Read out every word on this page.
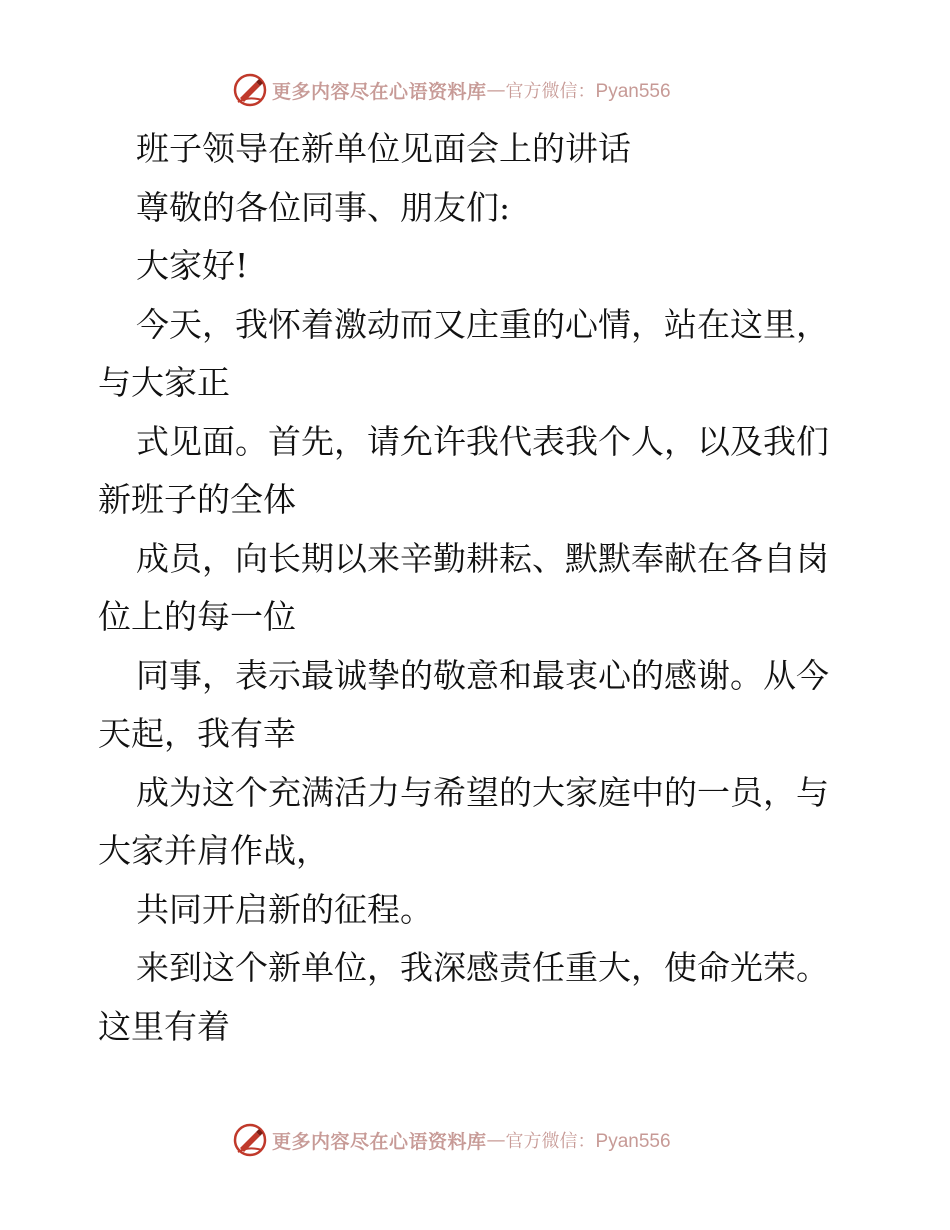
更多内容尽在心语资料库 — 官方微信：Pyan556
班子领导在新单位见面会上的讲话
尊敬的各位同事、朋友们:
大家好!
今天，我怀着激动而又庄重的心情，站在这里，
与大家正
式见面。首先，请允许我代表我个人，以及我们
新班子的全体
成员，向长期以来辛勤耕耘、默默奉献在各自岗
位上的每一位
同事，表示最诚挚的敬意和最衷心的感谢。从今
天起，我有幸
成为这个充满活力与希望的大家庭中的一员，与
大家并肩作战，
共同开启新的征程。
来到这个新单位，我深感责任重大，使命光荣。
这里有着
更多内容尽在心语资料库 — 官方微信：Pyan556
